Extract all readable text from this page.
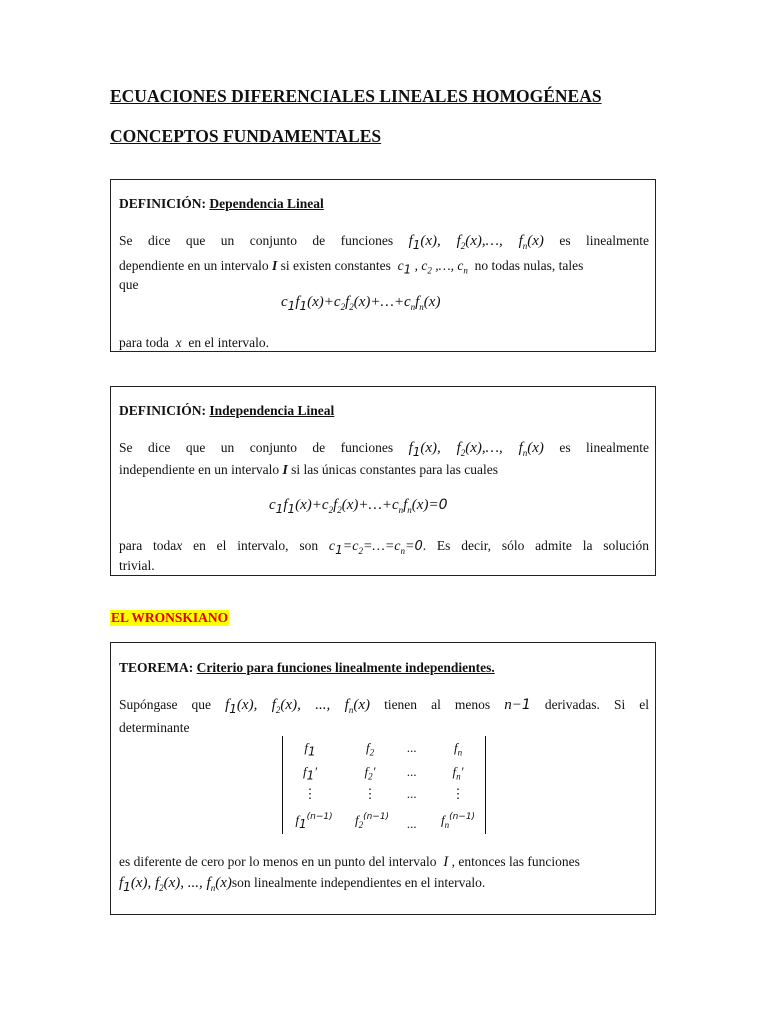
ECUACIONES DIFERENCIALES LINEALES HOMOGÉNEAS
CONCEPTOS FUNDAMENTALES
DEFINICIÓN: Dependencia Lineal
Se dice que un conjunto de funciones $f_1(x)$, $f_2(x),\dots$, $f_n(x)$ es linealmente
dependiente en un intervalo I si existen constantes $c_1$ , $c_2$ ,…, $c_n$ no todas nulas, tales
que
$c_1f_1(x)+c_2f_2(x)+\dots+c_nf_n(x)$
para toda x en el intervalo.
DEFINICIÓN: Independencia Lineal
Se dice que un conjunto de funciones $f_1(x)$, $f_2(x),\dots$, $f_n(x)$ es linealmente
independiente en un intervalo I si las únicas constantes para las cuales
$c_1f_1(x)+c_2f_2(x)+\dots+c_nf_n(x)=0$
para todax en el intervalo, son $c_1=c_2=\dots=c_n=0$. Es decir, sólo admite la solución
trivial.
EL WRONSKIANO
TEOREMA: Criterio para funciones linealmente independientes.
Supóngase que $f_1(x)$, $f_2(x)$, ..., $f_n(x)$ tienen al menos n−1 derivadas. Si el
determinante
es diferente de cero por lo menos en un punto del intervalo I , entonces las funciones
$f_1(x)$, $f_2(x)$, ..., $f_n(x)son$ linealmente independientes en el intervalo.
$f_1$	$f_2$	...	$f_n$
$f_1'$	$f_2'$	...	$f_n'$
⋮	⋮	...	⋮
$f_1^{(n-1)}$	$f_2^{(n-1)}$	...	$f_n^{(n-1)}$
